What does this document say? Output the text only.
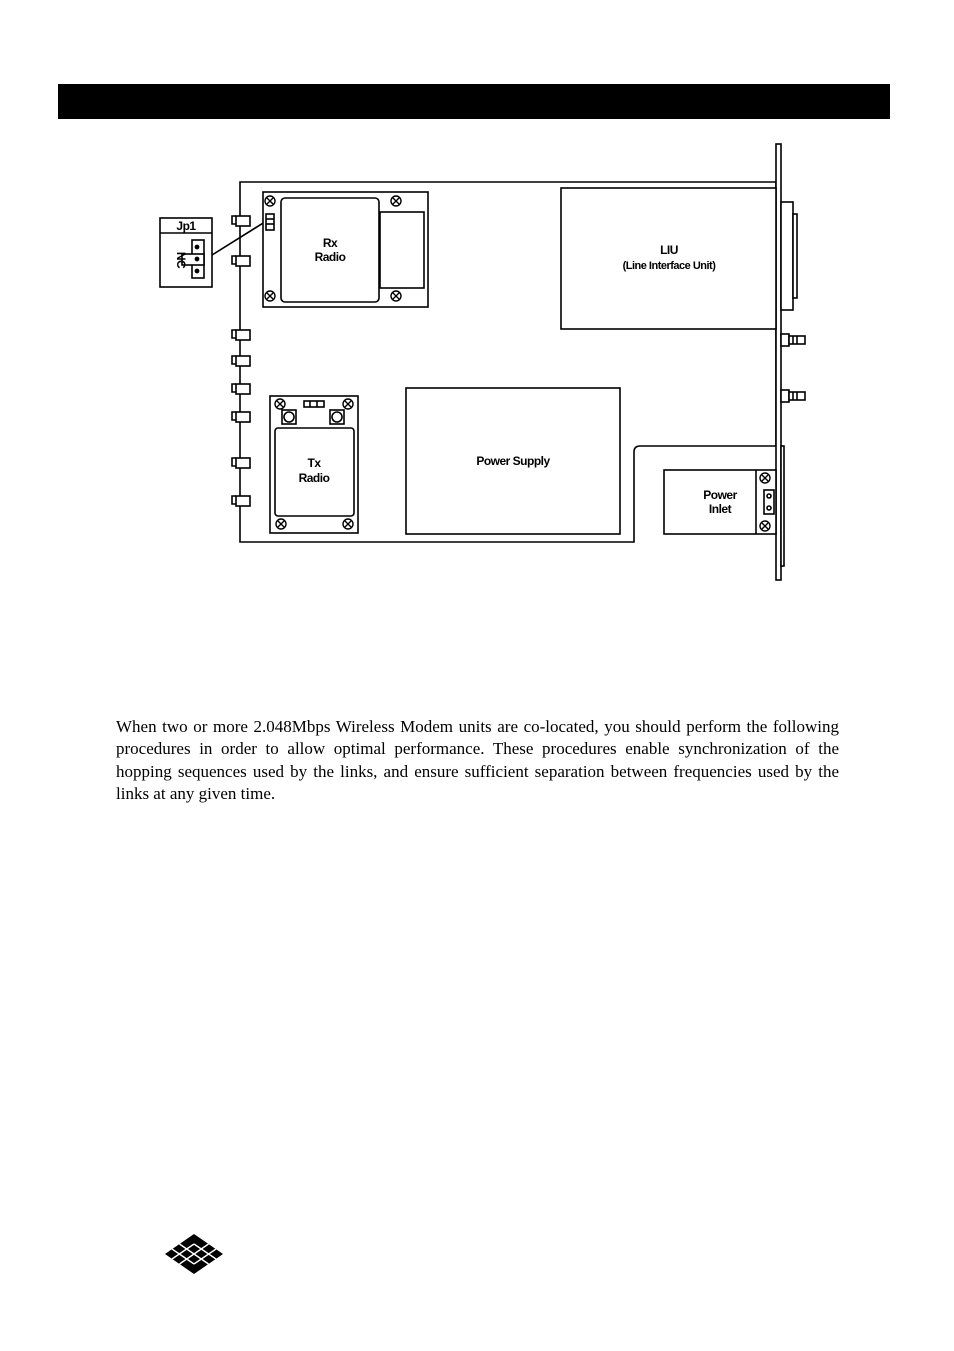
Jp1
NC
Rx
Radio	LIU
(Line Interface Unit)
Tx
Radio
Power Supply
Power
Inlet

When two or more 2.048Mbps Wireless Modem units are co-located, you should perform the following procedures in order to allow optimal performance. These procedures enable synchronization of the hopping sequences used by the links, and ensure sufficient separation between frequencies used by the links at any given time.
